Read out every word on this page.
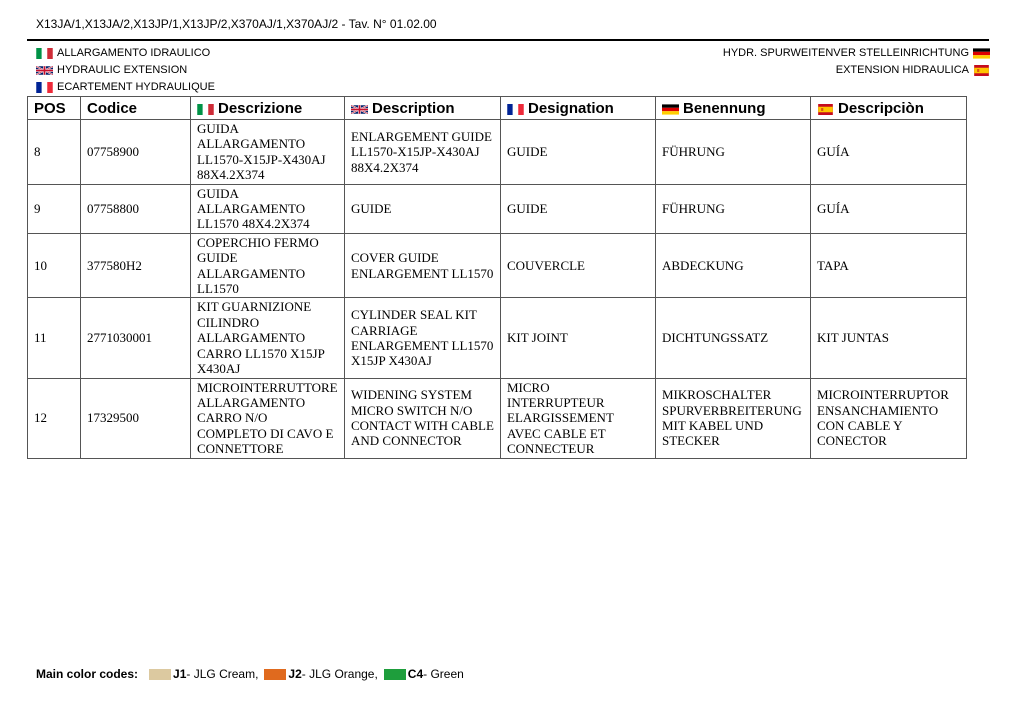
X13JA/1,X13JA/2,X13JP/1,X13JP/2,X370AJ/1,X370AJ/2 - Tav. N° 01.02.00
ALLARGAMENTO IDRAULICO
HYDRAULIC EXTENSION
ECARTEMENT HYDRAULIQUE
HYDR. SPURWEITENVER STELLEINRICHTUNG
EXTENSION HIDRAULICA
POS	Codice	Descrizione	Description	Designation	Benennung	Descripciòn
8	07758900	GUIDA ALLARGAMENTO LL1570-X15JP-X430AJ 88X4.2X374	ENLARGEMENT GUIDE LL1570-X15JP-X430AJ 88X4.2X374	GUIDE	FÜHRUNG	GUÍA
9	07758800	GUIDA ALLARGAMENTO LL1570 48X4.2X374	GUIDE	GUIDE	FÜHRUNG	GUÍA
10	377580H2	COPERCHIO FERMO GUIDE ALLARGAMENTO LL1570	COVER GUIDE ENLARGEMENT LL1570	COUVERCLE	ABDECKUNG	TAPA
11	2771030001	KIT GUARNIZIONE CILINDRO ALLARGAMENTO CARRO LL1570 X15JP X430AJ	CYLINDER SEAL KIT CARRIAGE ENLARGEMENT LL1570 X15JP X430AJ	KIT JOINT	DICHTUNGSSATZ	KIT JUNTAS
12	17329500	MICROINTERRUTTORE ALLARGAMENTO CARRO N/O COMPLETO DI CAVO E CONNETTORE	WIDENING SYSTEM MICRO SWITCH N/O CONTACT WITH CABLE AND CONNECTOR	MICRO INTERRUPTEUR ELARGISSEMENT AVEC CABLE ET CONNECTEUR	MIKROSCHALTER SPURVERBREITERUNG MIT KABEL UND STECKER	MICROINTERRUPTOR ENSANCHAMIENTO CON CABLE Y CONECTOR
Main color codes:	J1 - JLG Cream,	J2 - JLG Orange,	C4 - Green
